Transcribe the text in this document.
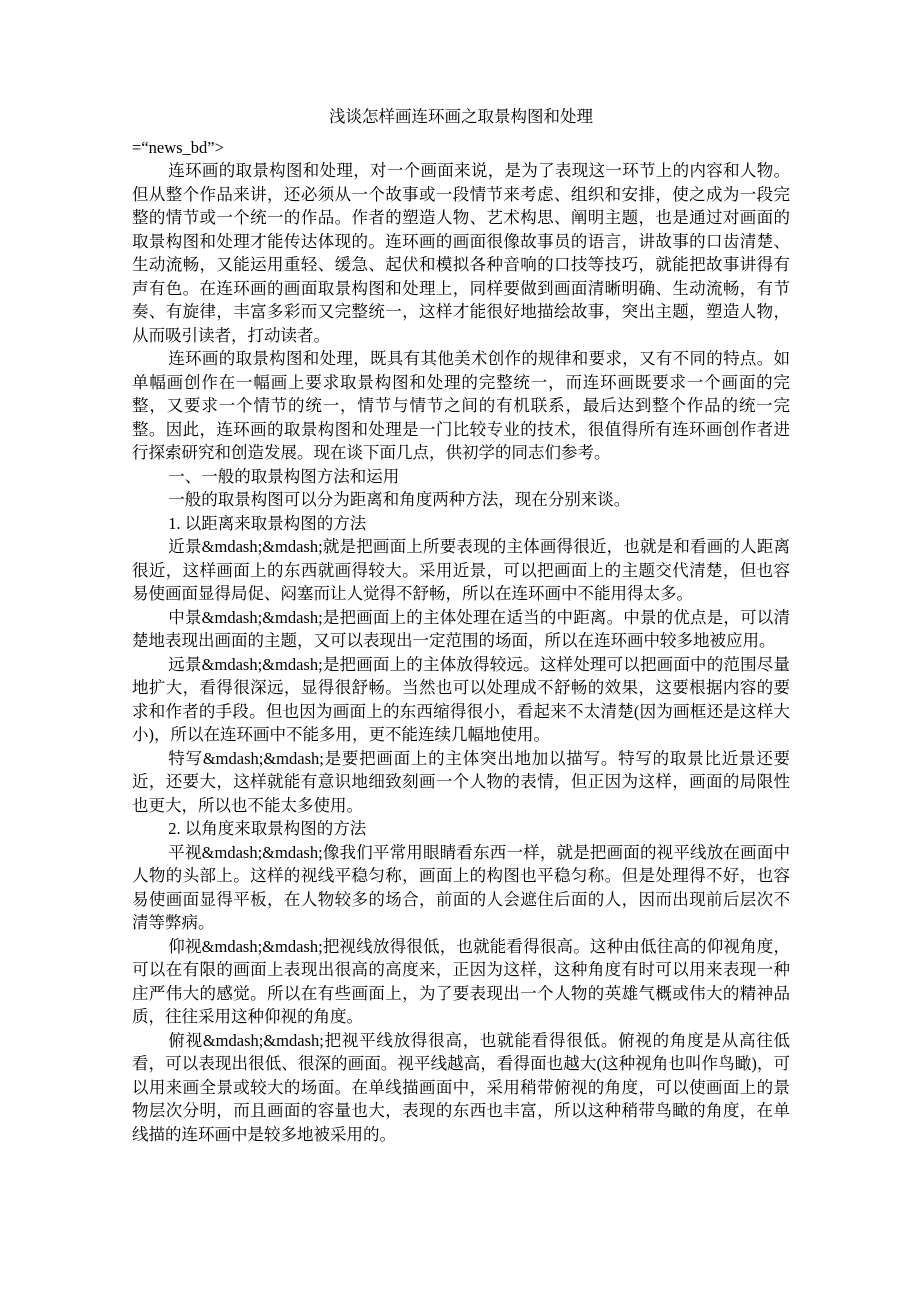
浅谈怎样画连环画之取景构图和处理

=“news_bd”>

连环画的取景构图和处理，对一个画面来说，是为了表现这一环节上的内容和人物。但从整个作品来讲，还必须从一个故事或一段情节来考虑、组织和安排，使之成为一段完整的情节或一个统一的作品。作者的塑造人物、艺术构思、阐明主题，也是通过对画面的取景构图和处理才能传达体现的。连环画的画面很像故事员的语言，讲故事的口齿清楚、生动流畅，又能运用重轻、缓急、起伏和模拟各种音响的口技等技巧，就能把故事讲得有声有色。在连环画的画面取景构图和处理上，同样要做到画面清晰明确、生动流畅，有节奏、有旋律，丰富多彩而又完整统一，这样才能很好地描绘故事，突出主题，塑造人物，从而吸引读者，打动读者。

连环画的取景构图和处理，既具有其他美术创作的规律和要求，又有不同的特点。如单幅画创作在一幅画上要求取景构图和处理的完整统一，而连环画既要求一个画面的完整，又要求一个情节的统一，情节与情节之间的有机联系，最后达到整个作品的统一完整。因此，连环画的取景构图和处理是一门比较专业的技术，很值得所有连环画创作者进行探索研究和创造发展。现在谈下面几点，供初学的同志们参考。

一、一般的取景构图方法和运用

一般的取景构图可以分为距离和角度两种方法，现在分别来谈。

1. 以距离来取景构图的方法

近景&mdash;&mdash;就是把画面上所要表现的主体画得很近，也就是和看画的人距离很近，这样画面上的东西就画得较大。采用近景，可以把画面上的主题交代清楚，但也容易使画面显得局促、闷塞而让人觉得不舒畅，所以在连环画中不能用得太多。

中景&mdash;&mdash;是把画面上的主体处理在适当的中距离。中景的优点是，可以清楚地表现出画面的主题，又可以表现出一定范围的场面，所以在连环画中较多地被应用。

远景&mdash;&mdash;是把画面上的主体放得较远。这样处理可以把画面中的范围尽量地扩大，看得很深远，显得很舒畅。当然也可以处理成不舒畅的效果，这要根据内容的要求和作者的手段。但也因为画面上的东西缩得很小，看起来不太清楚(因为画框还是这样大小)，所以在连环画中不能多用，更不能连续几幅地使用。

特写&mdash;&mdash;是要把画面上的主体突出地加以描写。特写的取景比近景还要近，还要大，这样就能有意识地细致刻画一个人物的表情，但正因为这样，画面的局限性也更大，所以也不能太多使用。

2. 以角度来取景构图的方法

平视&mdash;&mdash;像我们平常用眼睛看东西一样，就是把画面的视平线放在画面中人物的头部上。这样的视线平稳匀称，画面上的构图也平稳匀称。但是处理得不好，也容易使画面显得平板，在人物较多的场合，前面的人会遮住后面的人，因而出现前后层次不清等弊病。

仰视&mdash;&mdash;把视线放得很低，也就能看得很高。这种由低往高的仰视角度，可以在有限的画面上表现出很高的高度来，正因为这样，这种角度有时可以用来表现一种庄严伟大的感觉。所以在有些画面上，为了要表现出一个人物的英雄气概或伟大的精神品质，往往采用这种仰视的角度。

俯视&mdash;&mdash;把视平线放得很高，也就能看得很低。俯视的角度是从高往低看，可以表现出很低、很深的画面。视平线越高，看得面也越大(这种视角也叫作鸟瞰)，可以用来画全景或较大的场面。在单线描画面中，采用稍带俯视的角度，可以使画面上的景物层次分明，而且画面的容量也大，表现的东西也丰富，所以这种稍带鸟瞰的角度，在单线描的连环画中是较多地被采用的。
